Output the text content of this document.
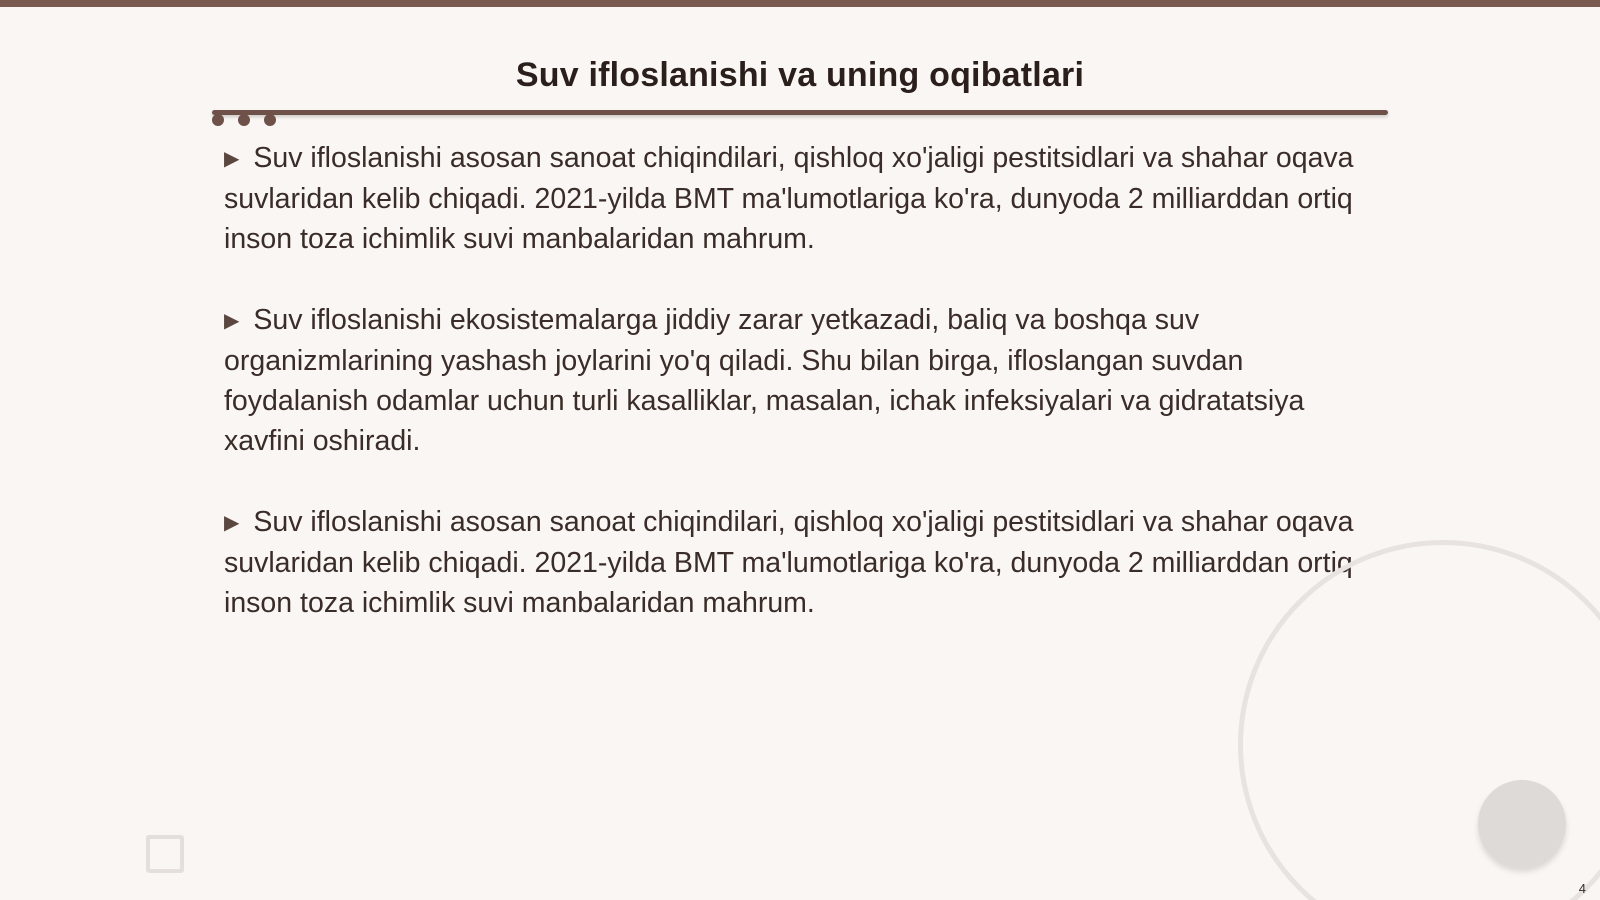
Suv ifloslanishi va uning oqibatlari

▶ Suv ifloslanishi asosan sanoat chiqindilari, qishloq xo'jaligi pestitsidlari va shahar oqava suvlaridan kelib chiqadi. 2021-yilda BMT ma'lumotlariga ko'ra, dunyoda 2 milliarddan ortiq inson toza ichimlik suvi manbalaridan mahrum.

▶ Suv ifloslanishi ekosistemalarga jiddiy zarar yetkazadi, baliq va boshqa suv organizmlarining yashash joylarini yo'q qiladi. Shu bilan birga, ifloslangan suvdan foydalanish odamlar uchun turli kasalliklar, masalan, ichak infeksiyalari va gidratatsiya xavfini oshiradi.

▶ Suv ifloslanishi asosan sanoat chiqindilari, qishloq xo'jaligi pestitsidlari va shahar oqava suvlaridan kelib chiqadi. 2021-yilda BMT ma'lumotlariga ko'ra, dunyoda 2 milliarddan ortiq inson toza ichimlik suvi manbalaridan mahrum.

4
